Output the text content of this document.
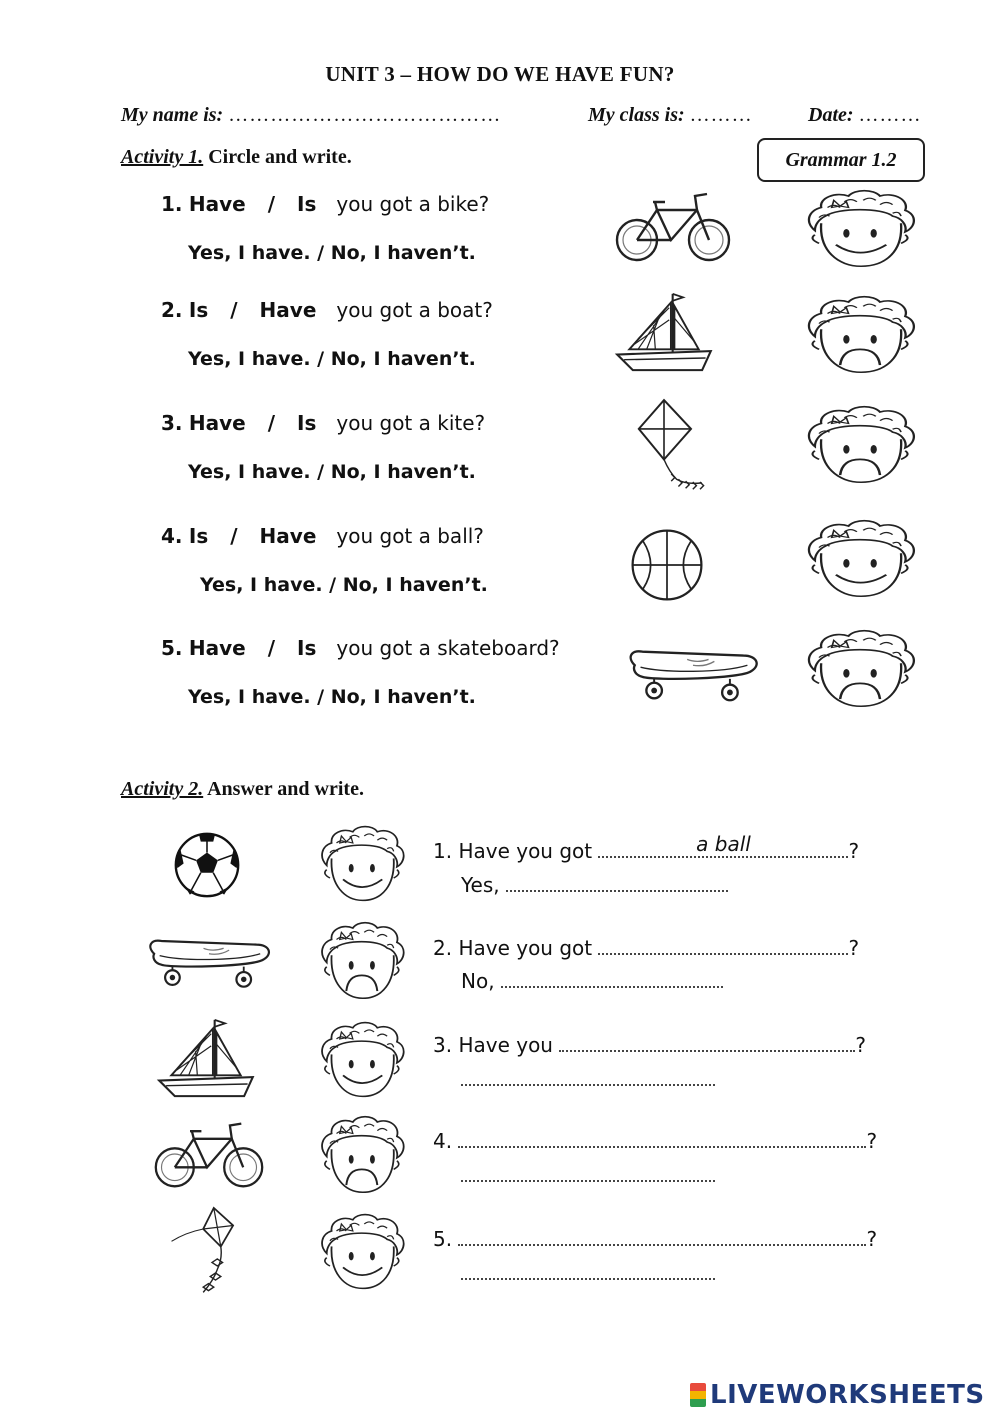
UNIT 3 – HOW DO WE HAVE FUN?
My name is: …………………………………	My class is: ………	Date: ………
Activity 1. Circle and write.	Grammar 1.2
1. Have / Is you got a bike?
Yes, I have. / No, I haven’t.
2. Is / Have you got a boat?
Yes, I have. / No, I haven’t.
3. Have / Is you got a kite?
Yes, I have. / No, I haven’t.
4. Is / Have you got a ball?
Yes, I have. / No, I haven’t.
5. Have / Is you got a skateboard?
Yes, I have. / No, I haven’t.
Activity 2. Answer and write.
1. Have you got	a ball	?
Yes,
2. Have you got	?
No,
3. Have you	?
4.	?
5.	?
LIVEWORKSHEETS
